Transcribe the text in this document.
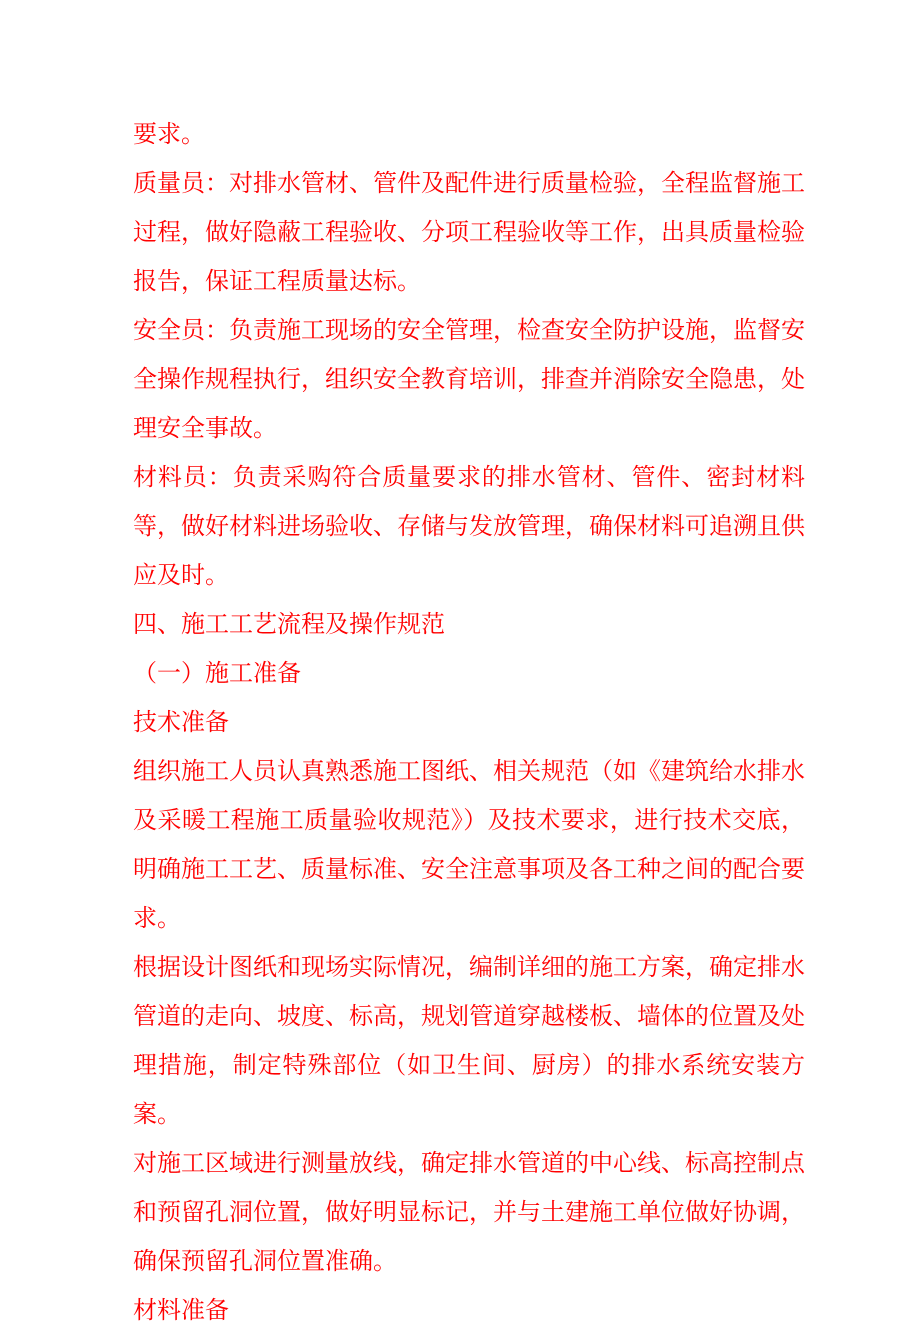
要求。

质量员：对排水管材、管件及配件进行质量检验，全程监督施工过程，做好隐蔽工程验收、分项工程验收等工作，出具质量检验报告，保证工程质量达标。

安全员：负责施工现场的安全管理，检查安全防护设施，监督安全操作规程执行，组织安全教育培训，排查并消除安全隐患，处理安全事故。

材料员：负责采购符合质量要求的排水管材、管件、密封材料等，做好材料进场验收、存储与发放管理，确保材料可追溯且供应及时。

四、施工工艺流程及操作规范

（一）施工准备

技术准备

组织施工人员认真熟悉施工图纸、相关规范（如《建筑给水排水及采暖工程施工质量验收规范》）及技术要求，进行技术交底，明确施工工艺、质量标准、安全注意事项及各工种之间的配合要求。

根据设计图纸和现场实际情况，编制详细的施工方案，确定排水管道的走向、坡度、标高，规划管道穿越楼板、墙体的位置及处理措施，制定特殊部位（如卫生间、厨房）的排水系统安装方案。

对施工区域进行测量放线，确定排水管道的中心线、标高控制点和预留孔洞位置，做好明显标记，并与土建施工单位做好协调，确保预留孔洞位置准确。

材料准备
